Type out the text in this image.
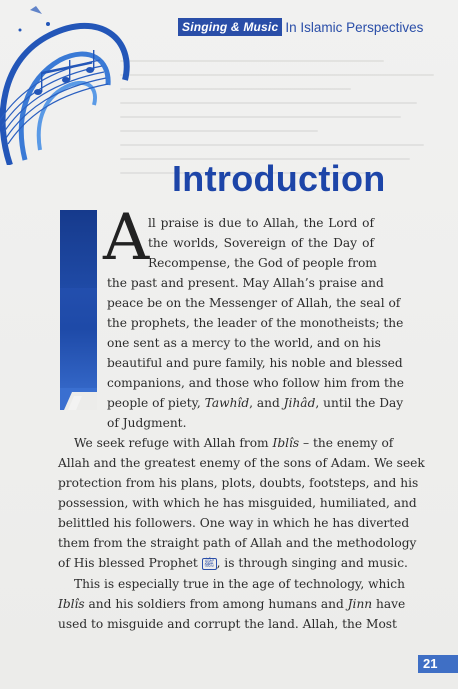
Singing & Music In Islamic Perspectives
Introduction
A
ll praise is due to Allah, the Lord of
the worlds, Sovereign of the Day of
Recompense, the God of people from
the past and present. May Allah’s praise and
peace be on the Messenger of Allah, the seal of
the prophets, the leader of the monotheists; the
one sent as a mercy to the world, and on his
beautiful and pure family, his noble and blessed
companions, and those who follow him from the
people of piety, Tawhîd, and Jihâd, until the Day
of Judgment.
We seek refuge with Allah from Iblîs – the enemy of
Allah and the greatest enemy of the sons of Adam. We seek
protection from his plans, plots, doubts, footsteps, and his
possession, with which he has misguided, humiliated, and
belittled his followers. One way in which he has diverted
them from the straight path of Allah and the methodology
of His blessed Prophet ﷺ , is through singing and music.
This is especially true in the age of technology, which
Iblîs and his soldiers from among humans and Jinn have
used to misguide and corrupt the land. Allah, the Most
21
